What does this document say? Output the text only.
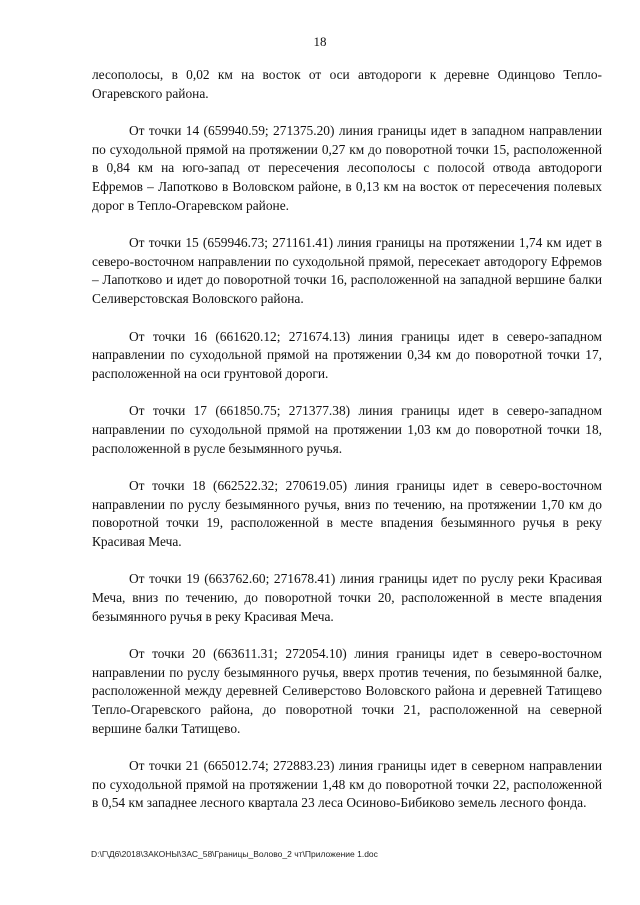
18

лесополосы, в 0,02 км на восток от оси автодороги к деревне Одинцово Тепло-Огаревского района.

От точки 14 (659940.59; 271375.20) линия границы идет в западном направлении по суходольной прямой на протяжении 0,27 км до поворотной точки 15, расположенной в 0,84 км на юго-запад от пересечения лесополосы с полосой отвода автодороги Ефремов – Лапотково в Воловском районе, в 0,13 км на восток от пересечения полевых дорог в Тепло-Огаревском районе.

От точки 15 (659946.73; 271161.41) линия границы на протяжении 1,74 км идет в северо-восточном направлении по суходольной прямой, пересекает автодорогу Ефремов – Лапотково и идет до поворотной точки 16, расположенной на западной вершине балки Селиверстовская Воловского района.

От точки 16 (661620.12; 271674.13) линия границы идет в северо-западном направлении по суходольной прямой на протяжении 0,34 км до поворотной точки 17, расположенной на оси грунтовой дороги.

От точки 17 (661850.75; 271377.38) линия границы идет в северо-западном направлении по суходольной прямой на протяжении 1,03 км до поворотной точки 18, расположенной в русле безымянного ручья.

От точки 18 (662522.32; 270619.05) линия границы идет в северо-восточном направлении по руслу безымянного ручья, вниз по течению, на протяжении 1,70 км до поворотной точки 19, расположенной в месте впадения безымянного ручья в реку Красивая Меча.

От точки 19 (663762.60; 271678.41) линия границы идет по руслу реки Красивая Меча, вниз по течению, до поворотной точки 20, расположенной в месте впадения безымянного ручья в реку Красивая Меча.

От точки 20 (663611.31; 272054.10) линия границы идет в северо-восточном направлении по руслу безымянного ручья, вверх против течения, по безымянной балке, расположенной между деревней Селиверстово Воловского района и деревней Татищево Тепло-Огаревского района, до поворотной точки 21, расположенной на северной вершине балки Татищево.

От точки 21 (665012.74; 272883.23) линия границы идет в северном направлении по суходольной прямой на протяжении 1,48 км до поворотной точки 22, расположенной в 0,54 км западнее лесного квартала 23 леса Осиново-Бибиково земель лесного фонда.

D:\Г\Д6\2018\ЗАКОНЫ\ЗАС_58\Границы_Волово_2 чт\Приложение 1.doc
